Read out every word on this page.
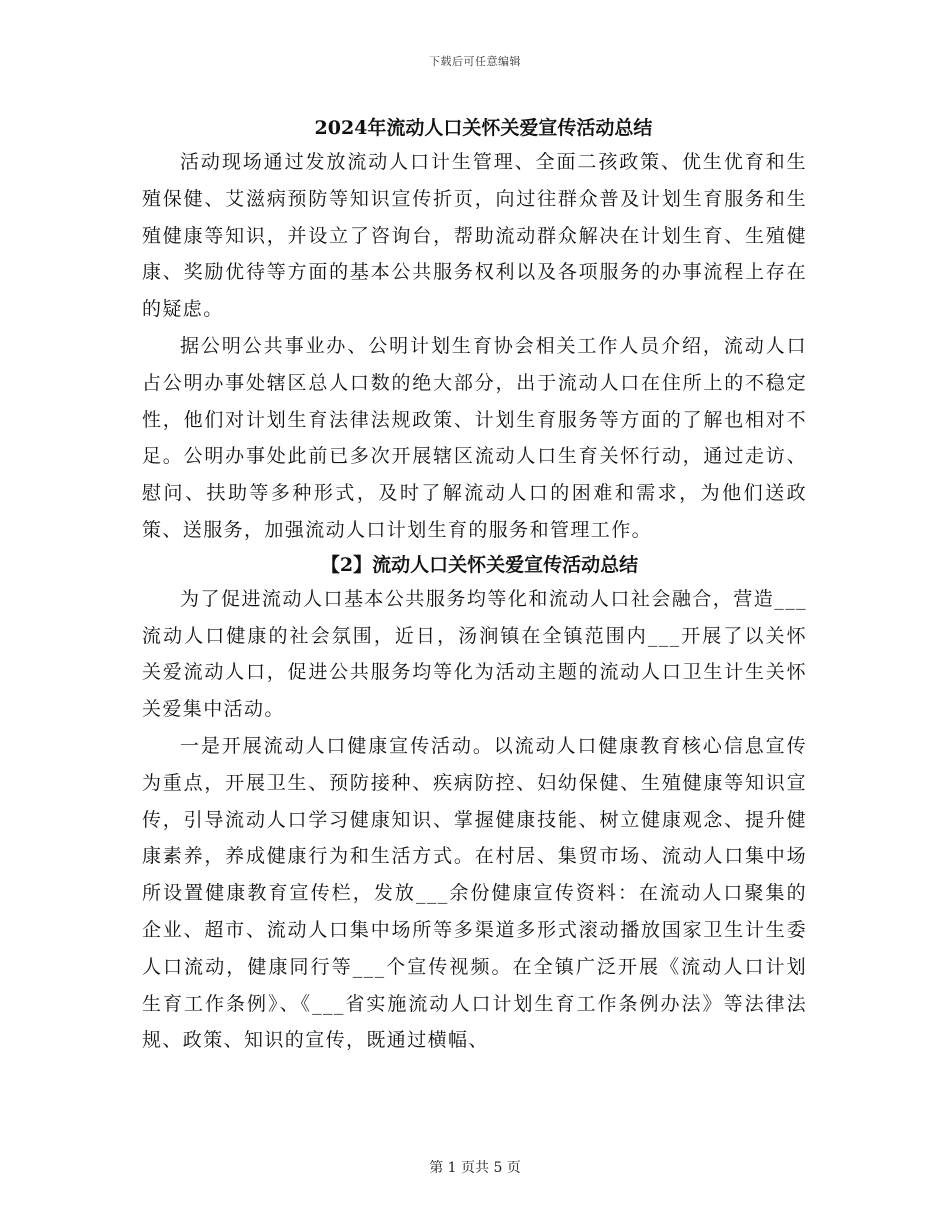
下载后可任意编辑
2024年流动人口关怀关爱宣传活动总结

活动现场通过发放流动人口计生管理、全面二孩政策、优生优育和生殖保健、艾滋病预防等知识宣传折页，向过往群众普及计划生育服务和生殖健康等知识，并设立了咨询台，帮助流动群众解决在计划生育、生殖健康、奖励优待等方面的基本公共服务权利以及各项服务的办事流程上存在的疑虑。

据公明公共事业办、公明计划生育协会相关工作人员介绍，流动人口占公明办事处辖区总人口数的绝大部分，出于流动人口在住所上的不稳定性，他们对计划生育法律法规政策、计划生育服务等方面的了解也相对不足。公明办事处此前已多次开展辖区流动人口生育关怀行动，通过走访、慰问、扶助等多种形式，及时了解流动人口的困难和需求，为他们送政策、送服务，加强流动人口计划生育的服务和管理工作。

【2】流动人口关怀关爱宣传活动总结

为了促进流动人口基本公共服务均等化和流动人口社会融合，营造___流动人口健康的社会氛围，近日，汤涧镇在全镇范围内___开展了以关怀关爱流动人口，促进公共服务均等化为活动主题的流动人口卫生计生关怀关爱集中活动。

一是开展流动人口健康宣传活动。以流动人口健康教育核心信息宣传为重点，开展卫生、预防接种、疾病防控、妇幼保健、生殖健康等知识宣传，引导流动人口学习健康知识、掌握健康技能、树立健康观念、提升健康素养，养成健康行为和生活方式。在村居、集贸市场、流动人口集中场所设置健康教育宣传栏，发放___余份健康宣传资料：在流动人口聚集的企业、超市、流动人口集中场所等多渠道多形式滚动播放国家卫生计生委人口流动，健康同行等___个宣传视频。在全镇广泛开展《流动人口计划生育工作条例》、《___省实施流动人口计划生育工作条例办法》等法律法规、政策、知识的宣传，既通过横幅、

第 1 页共 5 页
